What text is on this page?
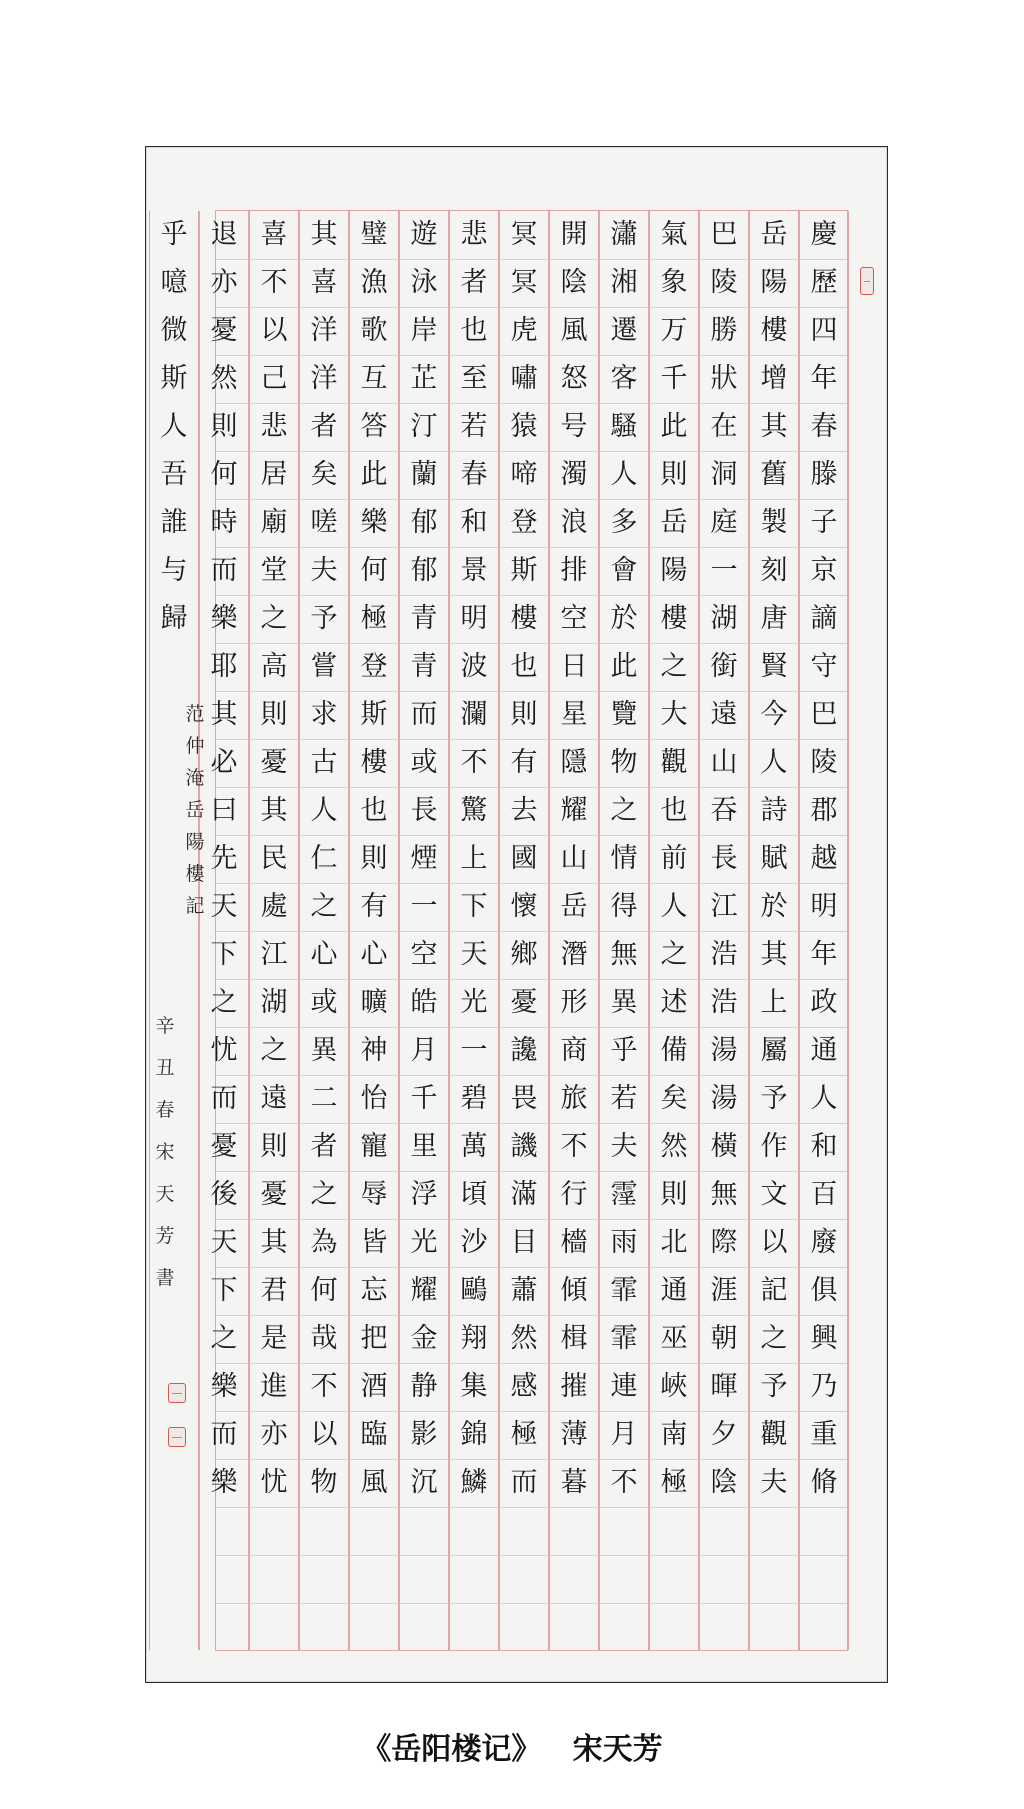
慶
歷
四
年
春
滕
子
京
謫
守
巴
陵
郡
越
明
年
政
通
人
和
百
廢
俱
興
乃
重
脩
岳
陽
樓
增
其
舊
製
刻
唐
賢
今
人
詩
賦
於
其
上
屬
予
作
文
以
記
之
予
觀
夫
巴
陵
勝
狀
在
洞
庭
一
湖
銜
遠
山
吞
長
江
浩
浩
湯
湯
橫
無
際
涯
朝
暉
夕
陰
氣
象
万
千
此
則
岳
陽
樓
之
大
觀
也
前
人
之
述
備
矣
然
則
北
通
巫
峽
南
極
瀟
湘
遷
客
騷
人
多
會
於
此
覽
物
之
情
得
無
異
乎
若
夫
霪
雨
霏
霏
連
月
不
開
陰
風
怒
号
濁
浪
排
空
日
星
隱
耀
山
岳
潛
形
商
旅
不
行
檣
傾
楫
摧
薄
暮
冥
冥
虎
嘯
猿
啼
登
斯
樓
也
則
有
去
國
懷
鄉
憂
讒
畏
譏
滿
目
蕭
然
感
極
而
悲
者
也
至
若
春
和
景
明
波
瀾
不
驚
上
下
天
光
一
碧
萬
頃
沙
鷗
翔
集
錦
鱗
遊
泳
岸
芷
汀
蘭
郁
郁
青
青
而
或
長
煙
一
空
皓
月
千
里
浮
光
耀
金
静
影
沉
璧
漁
歌
互
答
此
樂
何
極
登
斯
樓
也
則
有
心
曠
神
怡
寵
辱
皆
忘
把
酒
臨
風
其
喜
洋
洋
者
矣
嗟
夫
予
嘗
求
古
人
仁
之
心
或
異
二
者
之
為
何
哉
不
以
物
喜
不
以
己
悲
居
廟
堂
之
高
則
憂
其
民
處
江
湖
之
遠
則
憂
其
君
是
進
亦
忧
退
亦
憂
然
則
何
時
而
樂
耶
其
必
曰
先
天
下
之
忧
而
憂
後
天
下
之
樂
而
樂
乎
噫
微
斯
人
吾
誰
与
歸
范
仲
淹
岳
陽
樓
記
辛
丑
春
宋
天
芳
書
《岳阳楼记》   宋天芳
